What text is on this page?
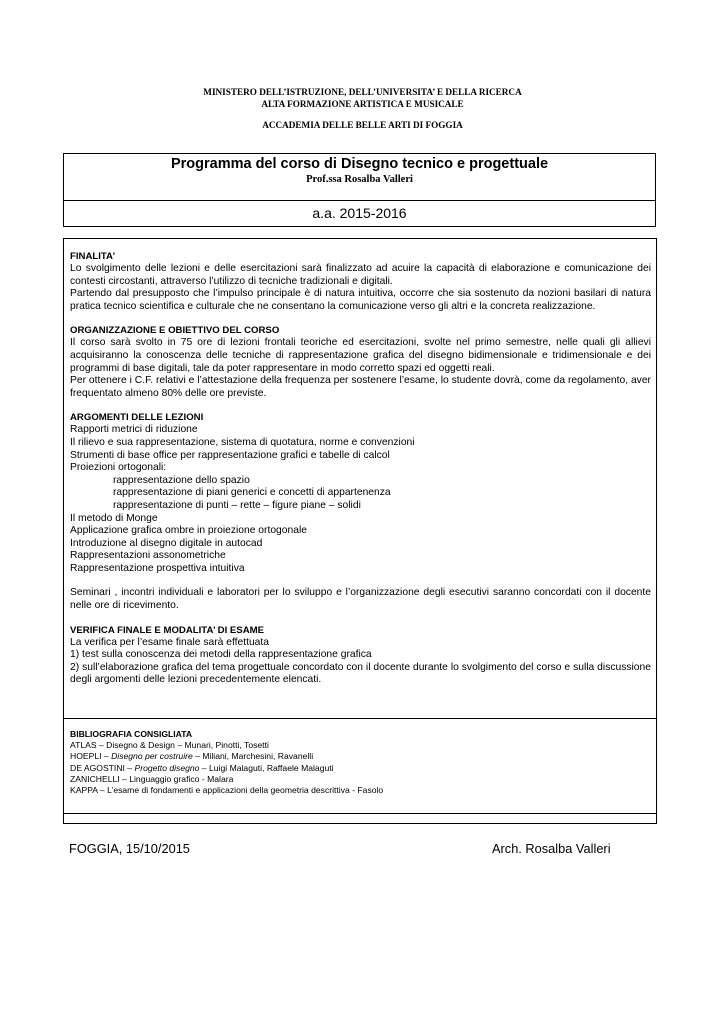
MINISTERO DELL’ISTRUZIONE, DELL’UNIVERSITA’ E DELLA RICERCA
ALTA FORMAZIONE ARTISTICA E MUSICALE
ACCADEMIA DELLE BELLE ARTI DI FOGGIA
Programma del corso di Disegno tecnico e progettuale
Prof.ssa Rosalba Valleri
a.a. 2015-2016
FINALITA’

Lo svolgimento delle lezioni e delle esercitazioni sarà finalizzato ad acuire la capacità di elaborazione e comunicazione dei contesti circostanti, attraverso l’utilizzo di tecniche tradizionali e digitali.

Partendo dal presupposto che l’impulso principale è di natura intuitiva, occorre che sia sostenuto da nozioni basilari di natura pratica tecnico scientifica e culturale che ne consentano la comunicazione verso gli altri e la concreta realizzazione.

ORGANIZZAZIONE E OBIETTIVO DEL CORSO

Il corso sarà svolto in 75 ore di lezioni frontali teoriche ed esercitazioni, svolte nel primo semestre, nelle quali gli allievi acquisiranno la conoscenza delle tecniche di rappresentazione grafica del disegno bidimensionale e tridimensionale e dei programmi di base digitali, tale da poter rappresentare in modo corretto spazi ed oggetti reali.

Per ottenere i C.F. relativi e l’attestazione della frequenza per sostenere l’esame, lo studente dovrà, come da regolamento, aver frequentato almeno 80% delle ore previste.

ARGOMENTI DELLE LEZIONI

Rapporti metrici di riduzione

Il rilievo e sua rappresentazione, sistema di quotatura, norme e convenzioni

Strumenti di base office per rappresentazione grafici e tabelle di calcol

Proiezioni ortogonali:

rappresentazione dello spazio

rappresentazione di piani generici e concetti di appartenenza

rappresentazione di punti – rette – figure piane – solidi

Il metodo di Monge

Applicazione grafica ombre in proiezione ortogonale

Introduzione al disegno digitale in autocad

Rappresentazioni assonometriche

Rappresentazione prospettiva intuitiva

Seminari , incontri individuali e laboratori per lo sviluppo e l’organizzazione degli esecutivi saranno concordati con il docente nelle ore di ricevimento.

VERIFICA FINALE E MODALITA’ DI ESAME

La verifica per l’esame finale sarà effettuata

1) test sulla conoscenza dei metodi della rappresentazione grafica

2) sull’elaborazione grafica del tema progettuale concordato con il docente durante lo svolgimento del corso e sulla discussione degli argomenti delle lezioni precedentemente elencati.

BIBLIOGRAFIA CONSIGLIATA

ATLAS – Disegno & Design – Munari, Pinotti, Tosetti

HOEPLI – Disegno per costruire – Miliani, Marchesini, Ravanelli

DE AGOSTINI – Progetto disegno – Luigi Malaguti, Raffaele Malaguti

ZANICHELLI – Linguaggio grafico - Malara

KAPPA – L’esame di fondamenti e applicazioni della geometria descrittiva - Fasolo

FOGGIA, 15/10/2015	Arch. Rosalba Valleri
